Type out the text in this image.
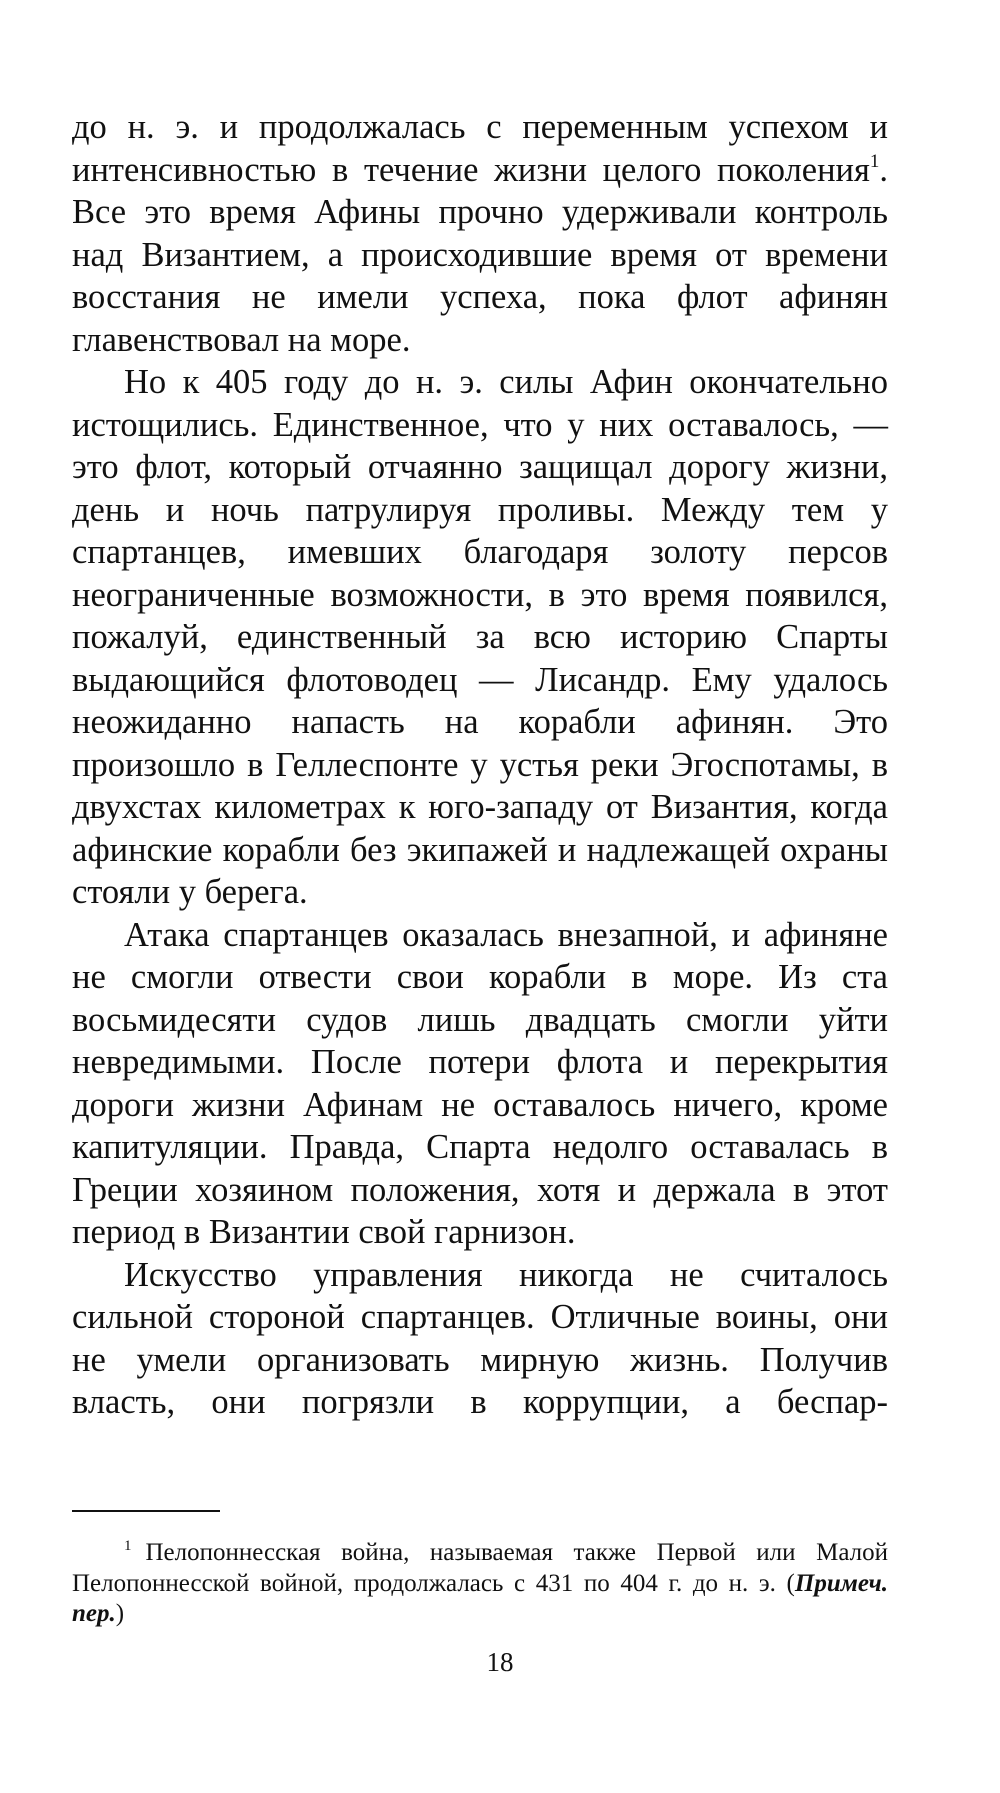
до н. э. и продолжалась с переменным успехом и интенсивностью в течение жизни целого поколения$^1$. Все это время Афины прочно удерживали контроль над Византием, а происходившие время от времени восстания не имели успеха, пока флот афинян главенствовал на море.

Но к 405 году до н. э. силы Афин окончательно истощились. Единственное, что у них оставалось, — это флот, который отчаянно защищал дорогу жизни, день и ночь патрулируя проливы. Между тем у спартанцев, имевших благодаря золоту персов неограниченные возможности, в это время появился, пожалуй, единственный за всю историю Спарты выдающийся флотоводец — Лисандр. Ему удалось неожиданно напасть на корабли афинян. Это произошло в Геллеспонте у устья реки Эгоспотамы, в двухстах километрах к юго-западу от Византия, когда афинские корабли без экипажей и надлежащей охраны стояли у берега.

Атака спартанцев оказалась внезапной, и афиняне не смогли отвести свои корабли в море. Из ста восьмидесяти судов лишь двадцать смогли уйти невредимыми. После потери флота и перекрытия дороги жизни Афинам не оставалось ничего, кроме капитуляции. Правда, Спарта недолго оставалась в Греции хозяином положения, хотя и держала в этот период в Византии свой гарнизон.

Искусство управления никогда не считалось сильной стороной спартанцев. Отличные воины, они не умели организовать мирную жизнь. Получив власть, они погрязли в коррупции, а беспар-

$^1$ Пелопоннесская война, называемая также Первой или Малой Пелопоннесской войной, продолжалась с 431 по 404 г. до н. э. (Примеч. пер.)

18
